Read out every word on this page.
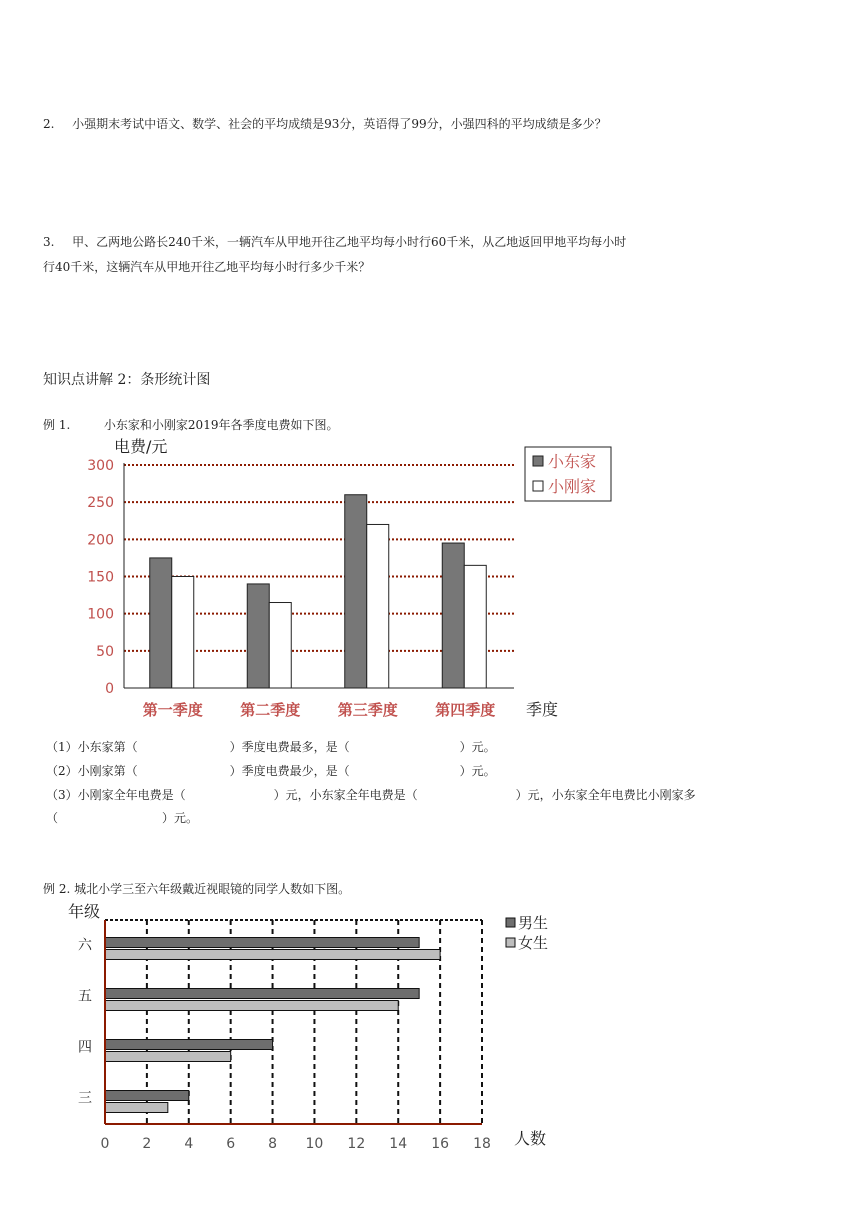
2. 小强期末考试中语文、数学、社会的平均成绩是93分，英语得了99分，小强四科的平均成绩是多少？
3. 甲、乙两地公路长240千米，一辆汽车从甲地开往乙地平均每小时行60千米，从乙地返回甲地平均每小时
行40千米，这辆汽车从甲地开往乙地平均每小时行多少千米？
知识点讲解 2：条形统计图
例 1.	小东家和小刚家2019年各季度电费如下图。
电费/元
季度
0
50
100
150
200
250
300
第一季度 第二季度 第三季度 第四季度
小东家
小刚家
（1）小东家第（	）季度电费最多，是（	）元。
（2）小刚家第（	）季度电费最少，是（	）元。
（3）小刚家全年电费是（	）元，小东家全年电费是（	）元，小东家全年电费比小刚家多
（	）元。
例 2. 城北小学三至六年级戴近视眼镜的同学人数如下图。
年级
人数
六
五
四
三
0 2 4 6 8 10 12 14 16 18
男生
女生
